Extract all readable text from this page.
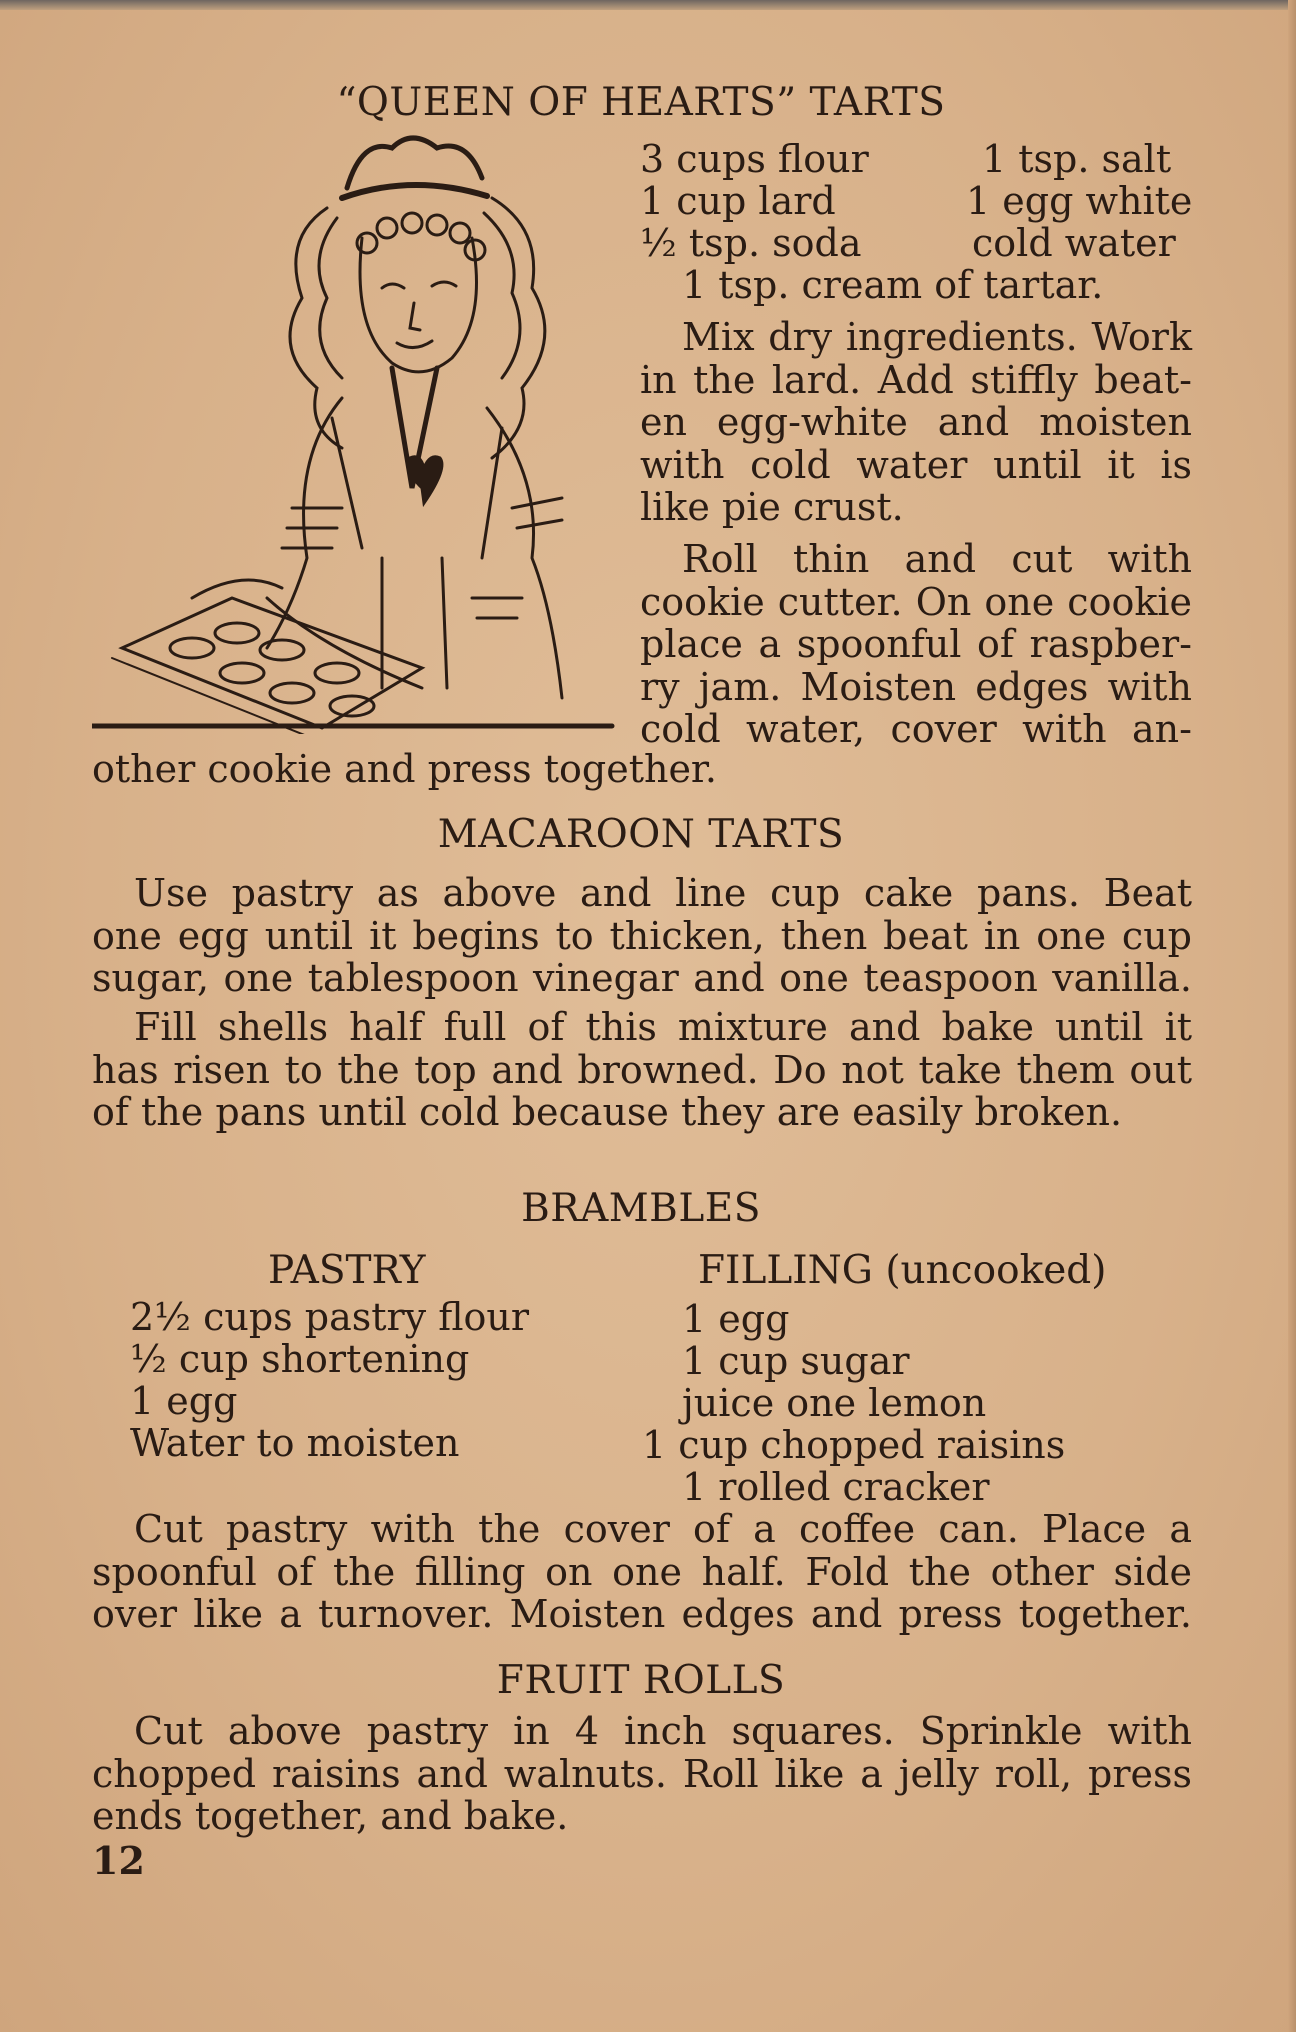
“QUEEN OF HEARTS” TARTS
3 cups flour
1 cup lard
½ tsp. soda
1 tsp. salt
1 egg white
cold water
1 tsp. cream of tartar.
Mix dry ingredients. Work
in the lard. Add stiffly beat-
en egg-white and moisten
with cold water until it is
like pie crust.
Roll thin and cut with
cookie cutter. On one cookie
place a spoonful of raspber-
ry jam. Moisten edges with
cold water, cover with an-
other cookie and press together.
MACAROON TARTS
Use pastry as above and line cup cake pans. Beat
one egg until it begins to thicken, then beat in one cup
sugar, one tablespoon vinegar and one teaspoon vanilla.
Fill shells half full of this mixture and bake until it
has risen to the top and browned. Do not take them out
of the pans until cold because they are easily broken.
BRAMBLES
PASTRY	FILLING (uncooked)
2½ cups pastry flour
½ cup shortening
1 egg
Water to moisten
1 egg
1 cup sugar
juice one lemon
1 cup chopped raisins
1 rolled cracker
Cut pastry with the cover of a coffee can. Place a
spoonful of the filling on one half. Fold the other side
over like a turnover. Moisten edges and press together.
FRUIT ROLLS
Cut above pastry in 4 inch squares. Sprinkle with
chopped raisins and walnuts. Roll like a jelly roll, press
ends together, and bake.
12
